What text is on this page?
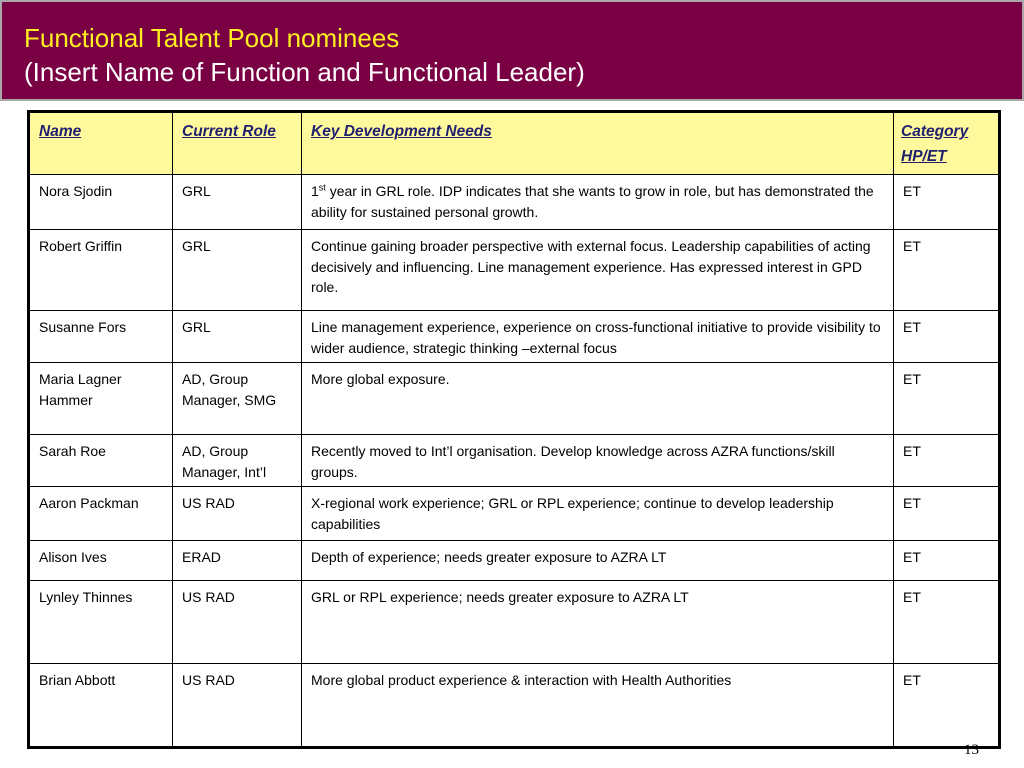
Functional Talent Pool nominees
(Insert Name of Function and Functional Leader)
Name	Current Role	Key Development Needs	Category
HP/ET
Nora Sjodin	GRL	1st year in GRL role. IDP indicates that she wants to grow in role, but has demonstrated the ability for sustained personal growth.	ET
Robert Griffin	GRL	Continue gaining broader perspective with external focus. Leadership capabilities of acting decisively and influencing. Line management experience. Has expressed interest in GPD role.	ET
Susanne Fors	GRL	Line management experience, experience on cross-functional initiative to provide visibility to wider audience, strategic thinking –external focus	ET
Maria Lagner Hammer	AD, Group Manager, SMG	More global exposure.	ET
Sarah Roe	AD, Group Manager, Int’l	Recently moved to Int’l organisation. Develop knowledge across AZRA functions/skill groups.	ET
Aaron Packman	US RAD	X-regional work experience; GRL or RPL experience; continue to develop leadership capabilities	ET
Alison Ives	ERAD	Depth of experience; needs greater exposure to AZRA LT	ET
Lynley Thinnes	US RAD	GRL or RPL experience; needs greater exposure to AZRA LT	ET
Brian Abbott	US RAD	More global product experience & interaction with Health Authorities	ET
13
